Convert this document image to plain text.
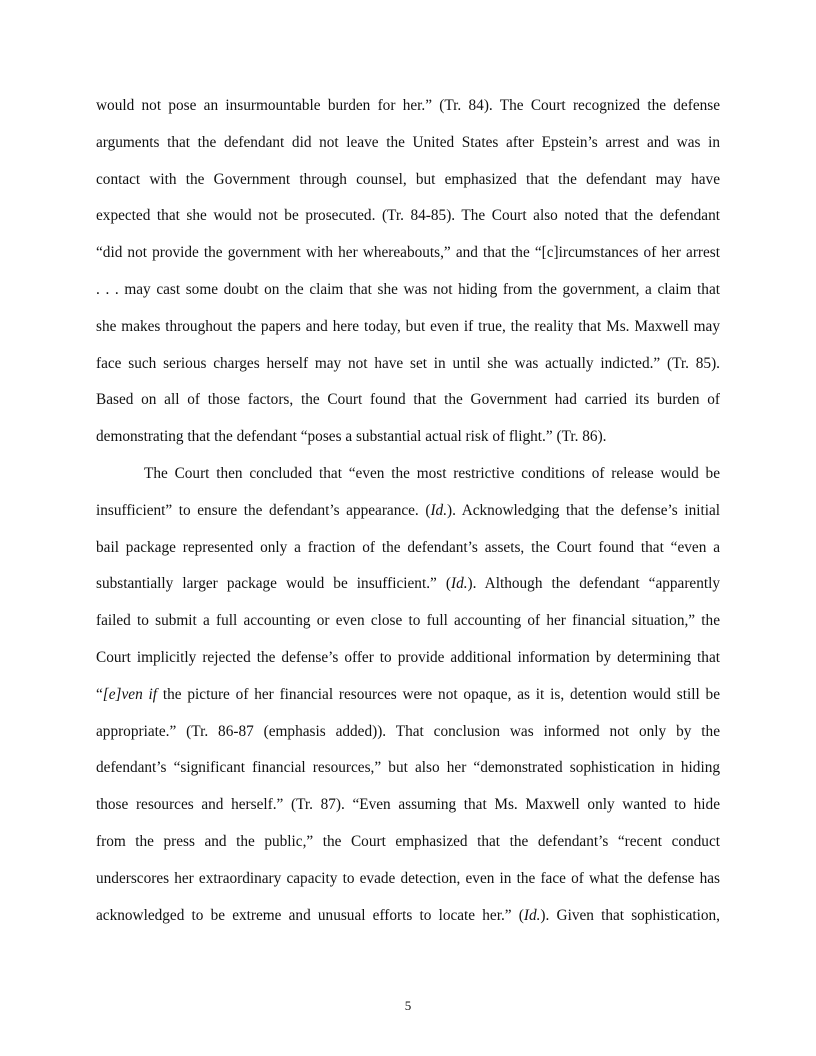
would not pose an insurmountable burden for her.” (Tr. 84). The Court recognized the defense

arguments that the defendant did not leave the United States after Epstein’s arrest and was in

contact with the Government through counsel, but emphasized that the defendant may have

expected that she would not be prosecuted. (Tr. 84-85). The Court also noted that the defendant

“did not provide the government with her whereabouts,” and that the “[c]ircumstances of her arrest

. . . may cast some doubt on the claim that she was not hiding from the government, a claim that

she makes throughout the papers and here today, but even if true, the reality that Ms. Maxwell may

face such serious charges herself may not have set in until she was actually indicted.” (Tr. 85).

Based on all of those factors, the Court found that the Government had carried its burden of

demonstrating that the defendant “poses a substantial actual risk of flight.” (Tr. 86).

The Court then concluded that “even the most restrictive conditions of release would be

insufficient” to ensure the defendant’s appearance. (Id.). Acknowledging that the defense’s initial

bail package represented only a fraction of the defendant’s assets, the Court found that “even a

substantially larger package would be insufficient.” (Id.). Although the defendant “apparently

failed to submit a full accounting or even close to full accounting of her financial situation,” the

Court implicitly rejected the defense’s offer to provide additional information by determining that

“[e]ven if the picture of her financial resources were not opaque, as it is, detention would still be

appropriate.” (Tr. 86-87 (emphasis added)). That conclusion was informed not only by the

defendant’s “significant financial resources,” but also her “demonstrated sophistication in hiding

those resources and herself.” (Tr. 87). “Even assuming that Ms. Maxwell only wanted to hide

from the press and the public,” the Court emphasized that the defendant’s “recent conduct

underscores her extraordinary capacity to evade detection, even in the face of what the defense has

acknowledged to be extreme and unusual efforts to locate her.” (Id.). Given that sophistication,

5
